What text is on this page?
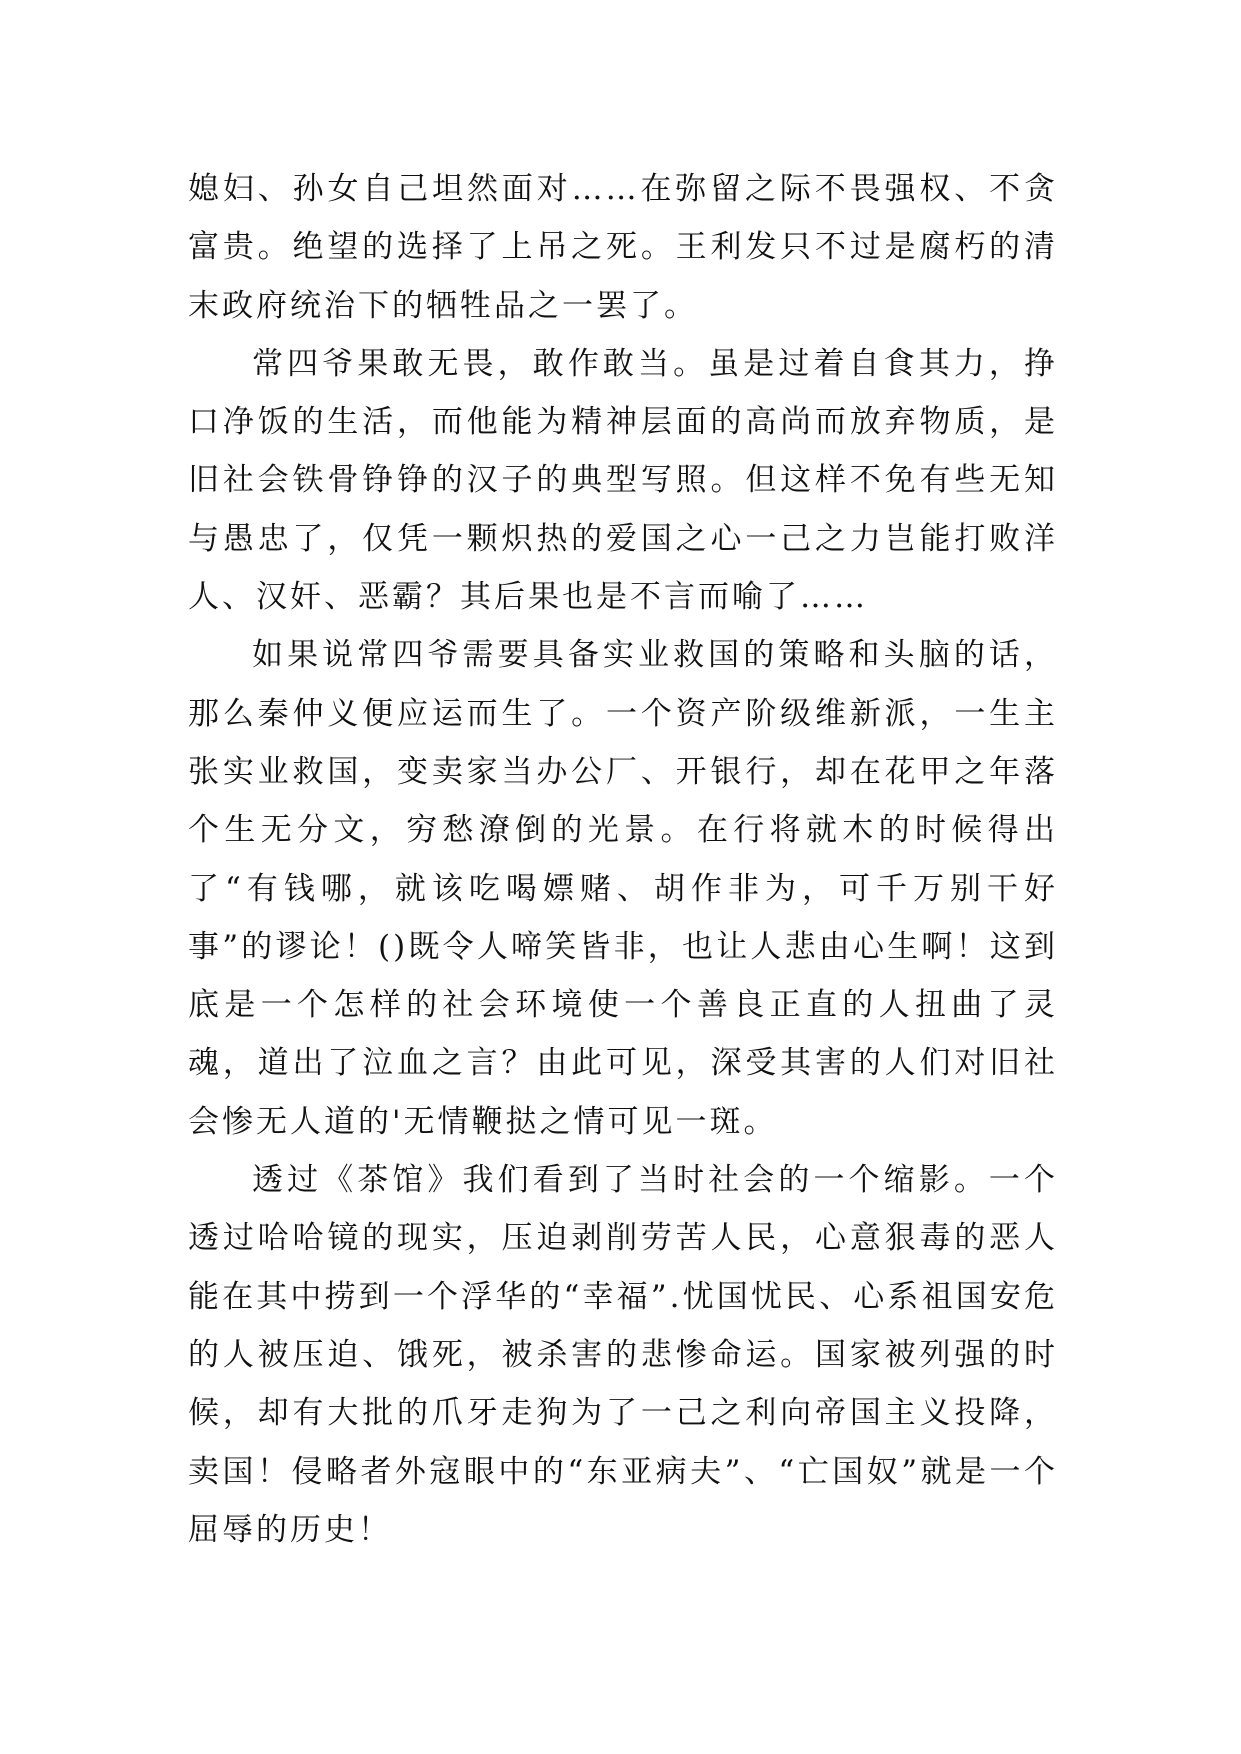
媳妇、孙女自己坦然面对……在弥留之际不畏强权、不贪富贵。绝望的选择了上吊之死。王利发只不过是腐朽的清末政府统治下的牺牲品之一罢了。

常四爷果敢无畏，敢作敢当。虽是过着自食其力，挣口净饭的生活，而他能为精神层面的高尚而放弃物质，是旧社会铁骨铮铮的汉子的典型写照。但这样不免有些无知与愚忠了，仅凭一颗炽热的爱国之心一己之力岂能打败洋人、汉奸、恶霸？其后果也是不言而喻了……

如果说常四爷需要具备实业救国的策略和头脑的话，那么秦仲义便应运而生了。一个资产阶级维新派，一生主张实业救国，变卖家当办公厂、开银行，却在花甲之年落个生无分文，穷愁潦倒的光景。在行将就木的时候得出了“有钱哪，就该吃喝嫖赌、胡作非为，可千万别干好事”的谬论！()既令人啼笑皆非，也让人悲由心生啊！这到底是一个怎样的社会环境使一个善良正直的人扭曲了灵魂，道出了泣血之言？由此可见，深受其害的人们对旧社会惨无人道的'无情鞭挞之情可见一斑。

透过《茶馆》我们看到了当时社会的一个缩影。一个透过哈哈镜的现实，压迫剥削劳苦人民，心意狠毒的恶人能在其中捞到一个浮华的“幸福”.忧国忧民、心系祖国安危的人被压迫、饿死，被杀害的悲惨命运。国家被列强的时候，却有大批的爪牙走狗为了一己之利向帝国主义投降，卖国！侵略者外寇眼中的“东亚病夫”、“亡国奴”就是一个屈辱的历史！
